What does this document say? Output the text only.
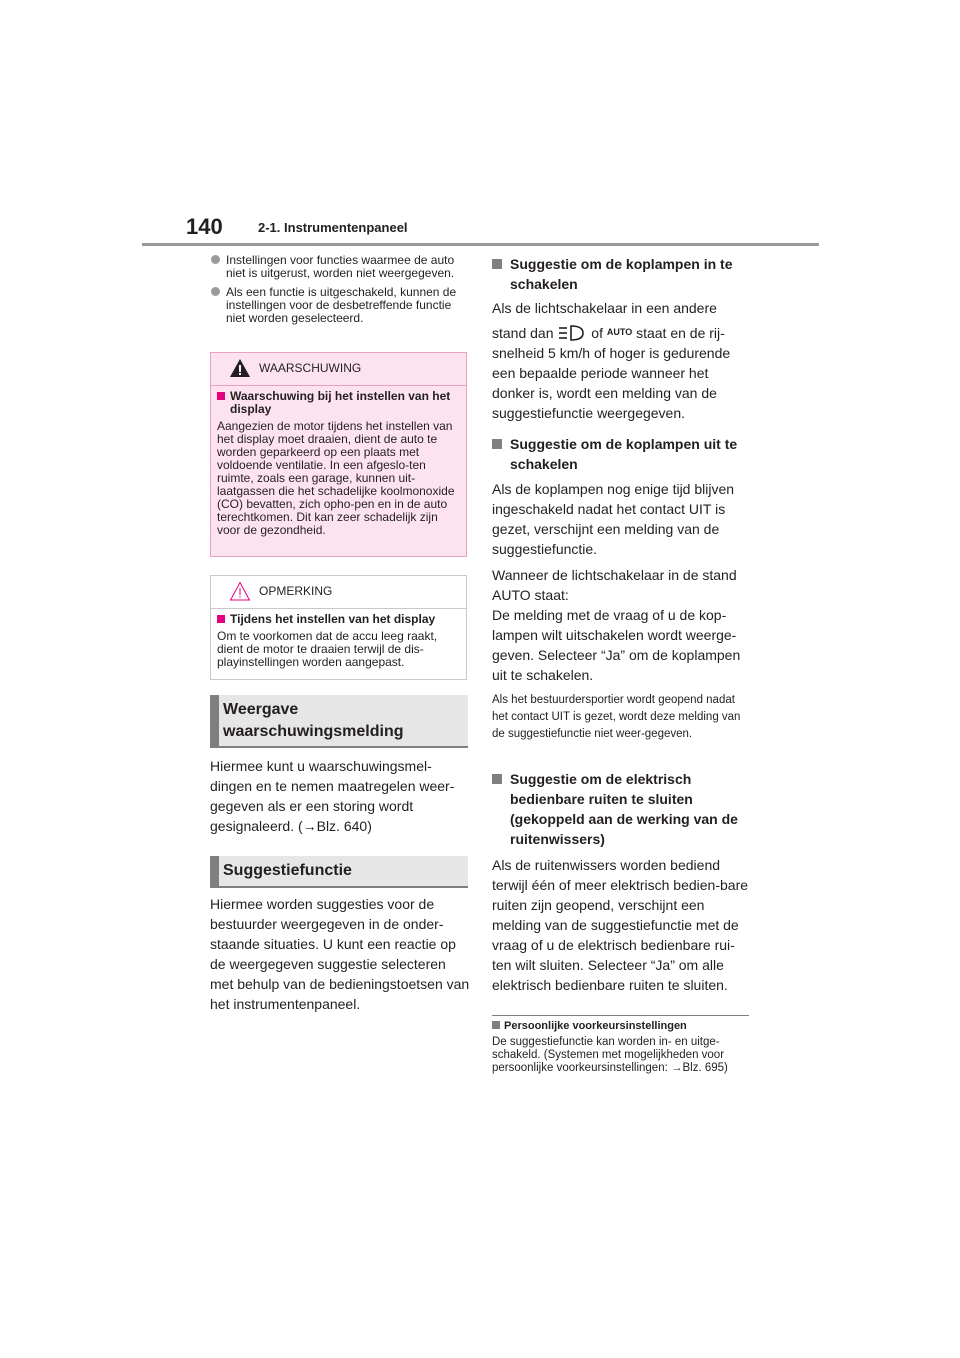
140	2-1. Instrumentenpaneel
Instellingen voor functies waarmee de auto niet is uitgerust, worden niet weergegeven.
Als een functie is uitgeschakeld, kunnen de instellingen voor de desbetreffende functie niet worden geselecteerd.
WAARSCHUWING
Waarschuwing bij het instellen van het display
Aangezien de motor tijdens het instellen van het display moet draaien, dient de auto te worden geparkeerd op een plaats met voldoende ventilatie. In een afgeslo-ten ruimte, zoals een garage, kunnen uit-laatgassen die het schadelijke koolmonoxide (CO) bevatten, zich opho-pen en in de auto terechtkomen. Dit kan zeer schadelijk zijn voor de gezondheid.
OPMERKING
Tijdens het instellen van het display
Om te voorkomen dat de accu leeg raakt, dient de motor te draaien terwijl de dis-playinstellingen worden aangepast.
Weergave
waarschuwingsmelding
Hiermee kunt u waarschuwingsmel-dingen en te nemen maatregelen weer-gegeven als er een storing wordt gesignaleerd. (→Blz. 640)
Suggestiefunctie
Hiermee worden suggesties voor de bestuurder weergegeven in de onder-staande situaties. U kunt een reactie op de weergegeven suggestie selecteren met behulp van de bedieningstoetsen van het instrumentenpaneel.
Suggestie om de koplampen in te schakelen
Als de lichtschakelaar in een andere
stand dan	of $^{AUTO}$ staat en de rij-
snelheid 5 km/h of hoger is gedurende een bepaalde periode wanneer het donker is, wordt een melding van de suggestiefunctie weergegeven.
Suggestie om de koplampen uit te schakelen
Als de koplampen nog enige tijd blijven ingeschakeld nadat het contact UIT is gezet, verschijnt een melding van de suggestiefunctie.
Wanneer de lichtschakelaar in de stand AUTO staat:
De melding met de vraag of u de kop-lampen wilt uitschakelen wordt weerge-geven. Selecteer “Ja” om de koplampen uit te schakelen.
Als het bestuurdersportier wordt geopend nadat het contact UIT is gezet, wordt deze melding van de suggestiefunctie niet weer-gegeven.
Suggestie om de elektrisch bedienbare ruiten te sluiten (gekoppeld aan de werking van de ruitenwissers)
Als de ruitenwissers worden bediend terwijl één of meer elektrisch bedien-bare ruiten zijn geopend, verschijnt een melding van de suggestiefunctie met de vraag of u de elektrisch bedienbare rui-ten wilt sluiten. Selecteer “Ja” om alle elektrisch bedienbare ruiten te sluiten.
Persoonlijke voorkeursinstellingen
De suggestiefunctie kan worden in- en uitge-schakeld. (Systemen met mogelijkheden voor persoonlijke voorkeursinstellingen: →Blz. 695)
